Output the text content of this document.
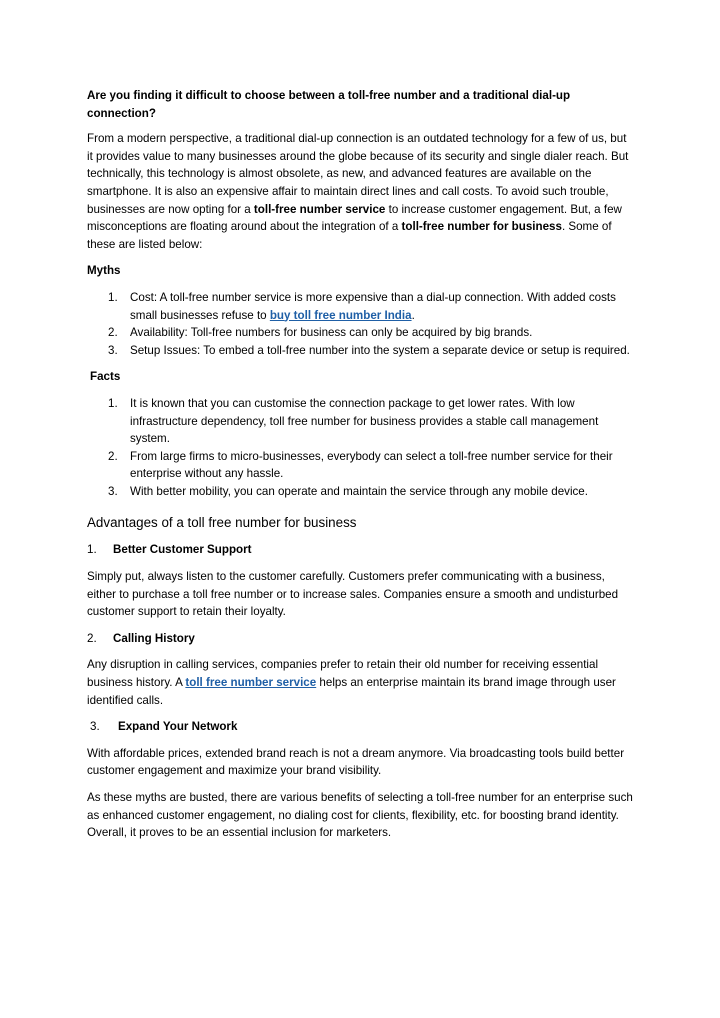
Are you finding it difficult to choose between a toll-free number and a traditional dial-up connection?

From a modern perspective, a traditional dial-up connection is an outdated technology for a few of us, but it provides value to many businesses around the globe because of its security and single dialer reach. But technically, this technology is almost obsolete, as new, and advanced features are available on the smartphone. It is also an expensive affair to maintain direct lines and call costs. To avoid such trouble, businesses are now opting for a toll-free number service to increase customer engagement. But, a few misconceptions are floating around about the integration of a toll-free number for business. Some of these are listed below:

Myths

1. Cost: A toll-free number service is more expensive than a dial-up connection. With added costs small businesses refuse to buy toll free number India.
2. Availability: Toll-free numbers for business can only be acquired by big brands.
3. Setup Issues: To embed a toll-free number into the system a separate device or setup is required.

Facts

1. It is known that you can customise the connection package to get lower rates. With low infrastructure dependency, toll free number for business provides a stable call management system.
2. From large firms to micro-businesses, everybody can select a toll-free number service for their enterprise without any hassle.
3. With better mobility, you can operate and maintain the service through any mobile device.

Advantages of a toll free number for business

1. Better Customer Support

Simply put, always listen to the customer carefully. Customers prefer communicating with a business, either to purchase a toll free number or to increase sales. Companies ensure a smooth and undisturbed customer support to retain their loyalty.

2. Calling History

Any disruption in calling services, companies prefer to retain their old number for receiving essential business history. A toll free number service helps an enterprise maintain its brand image through user identified calls.

3. Expand Your Network

With affordable prices, extended brand reach is not a dream anymore. Via broadcasting tools build better customer engagement and maximize your brand visibility.

As these myths are busted, there are various benefits of selecting a toll-free number for an enterprise such as enhanced customer engagement, no dialing cost for clients, flexibility, etc. for boosting brand identity. Overall, it proves to be an essential inclusion for marketers.
